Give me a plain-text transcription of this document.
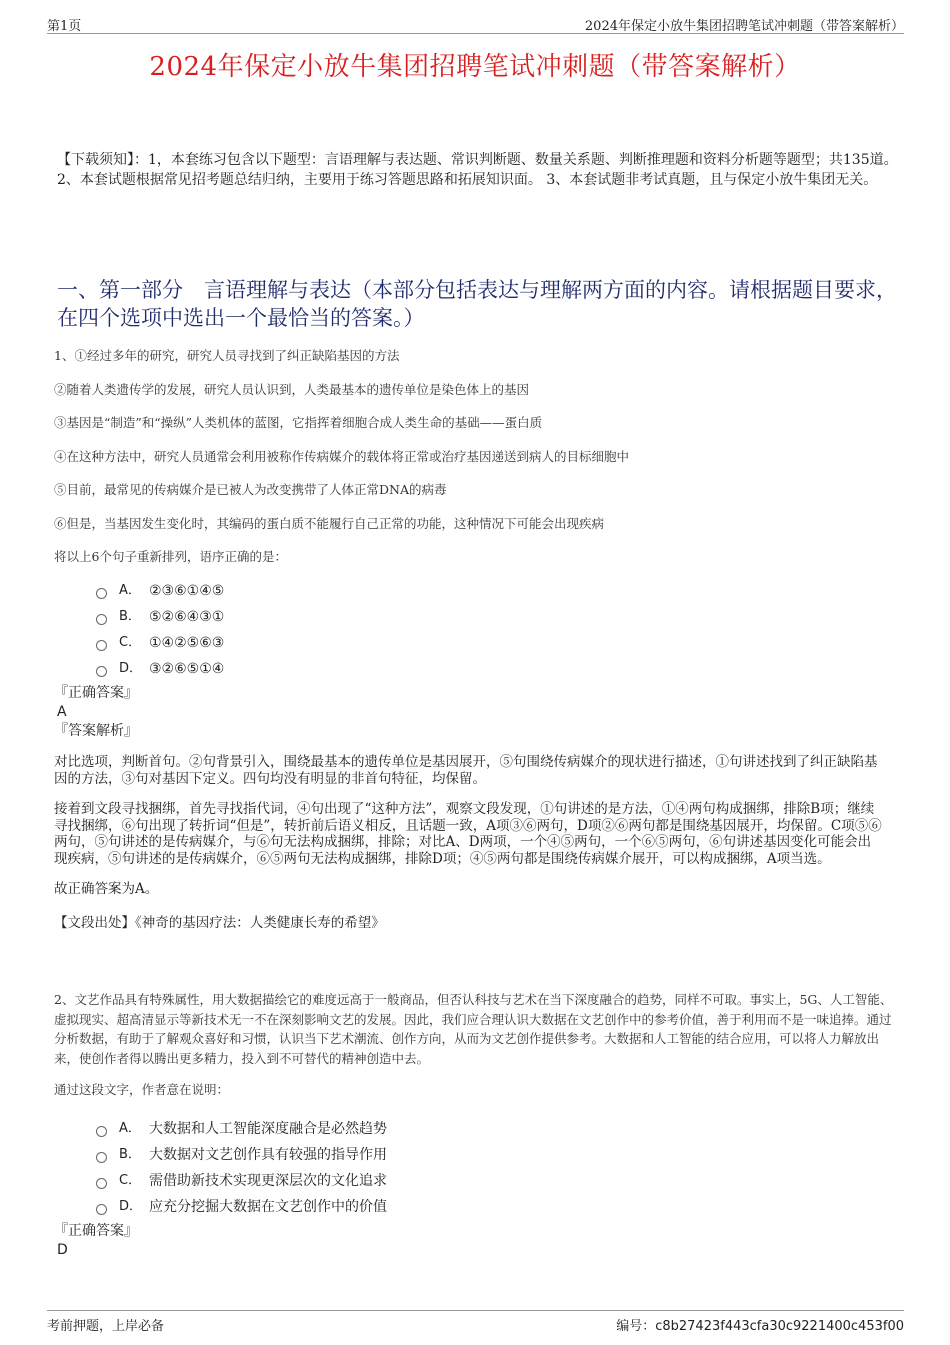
第1页	2024年保定小放牛集团招聘笔试冲刺题（带答案解析）
2024年保定小放牛集团招聘笔试冲刺题（带答案解析）

【下载须知】：1，本套练习包含以下题型：言语理解与表达题、常识判断题、数量关系题、判断推理题和资料分析题等题型；共135道。 2、本套试题根据常见招考题总结归纳，主要用于练习答题思路和拓展知识面。 3、本套试题非考试真题，且与保定小放牛集团无关。

一、第一部分　言语理解与表达（本部分包括表达与理解两方面的内容。请根据题目要求，在四个选项中选出一个最恰当的答案。）
1、①经过多年的研究，研究人员寻找到了纠正缺陷基因的方法
②随着人类遗传学的发展，研究人员认识到，人类最基本的遗传单位是染色体上的基因
③基因是“制造”和“操纵”人类机体的蓝图，它指挥着细胞合成人类生命的基础——蛋白质
④在这种方法中，研究人员通常会利用被称作传病媒介的载体将正常或治疗基因递送到病人的目标细胞中
⑤目前，最常见的传病媒介是已被人为改变携带了人体正常DNA的病毒
⑥但是，当基因发生变化时，其编码的蛋白质不能履行自己正常的功能，这种情况下可能会出现疾病
将以上6个句子重新排列，语序正确的是：
A． ②③⑥①④⑤
B． ⑤②⑥④③①
C． ①④②⑤⑥③
D． ③②⑥⑤①④
『正确答案』
A
『答案解析』

对比选项，判断首句。②句背景引入，围绕最基本的遗传单位是基因展开，⑤句围绕传病媒介的现状进行描述，①句讲述找到了纠正缺陷基因的方法，③句对基因下定义。四句均没有明显的非首句特征，均保留。

接着到文段寻找捆绑，首先寻找指代词，④句出现了“这种方法”，观察文段发现，①句讲述的是方法，①④两句构成捆绑，排除B项；继续寻找捆绑，⑥句出现了转折词“但是”，转折前后语义相反，且话题一致，A项③⑥两句，D项②⑥两句都是围绕基因展开，均保留。C项⑤⑥两句，⑤句讲述的是传病媒介，与⑥句无法构成捆绑，排除；对比A、D两项，一个④⑤两句，一个⑥⑤两句，⑥句讲述基因变化可能会出现疾病，⑤句讲述的是传病媒介，⑥⑤两句无法构成捆绑，排除D项；④⑤两句都是围绕传病媒介展开，可以构成捆绑，A项当选。

故正确答案为A。

【文段出处】《神奇的基因疗法：人类健康长寿的希望》

2、文艺作品具有特殊属性，用大数据描绘它的难度远高于一般商品，但否认科技与艺术在当下深度融合的趋势，同样不可取。事实上，5G、人工智能、虚拟现实、超高清显示等新技术无一不在深刻影响文艺的发展。因此，我们应合理认识大数据在文艺创作中的参考价值，善于利用而不是一味追捧。通过分析数据，有助于了解观众喜好和习惯，认识当下艺术潮流、创作方向，从而为文艺创作提供参考。大数据和人工智能的结合应用，可以将人力解放出来，使创作者得以腾出更多精力，投入到不可替代的精神创造中去。

通过这段文字，作者意在说明：
A． 大数据和人工智能深度融合是必然趋势
B． 大数据对文艺创作具有较强的指导作用
C． 需借助新技术实现更深层次的文化追求
D． 应充分挖掘大数据在文艺创作中的价值
『正确答案』
D
考前押题，上岸必备	编号：c8b27423f443cfa30c9221400c453f00
